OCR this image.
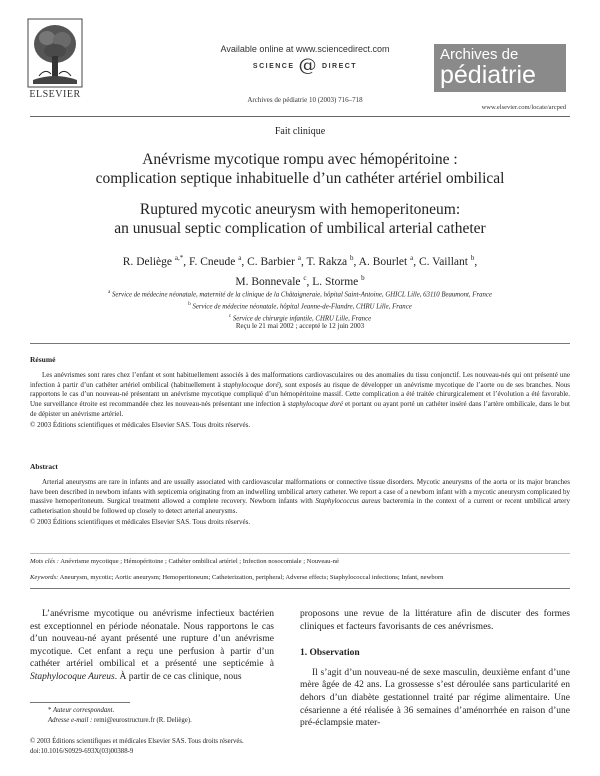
ELSEVIER
Available online at www.sciencedirect.com
SCIENCE @ DIRECT
Archives de pédiatrie 10 (2003) 716–718
Archives de
pédiatrie
www.elsevier.com/locate/arcped
Fait clinique
Anévrisme mycotique rompu avec hémopéritoine :
complication septique inhabituelle d’un cathéter artériel ombilical
Ruptured mycotic aneurysm with hemoperitoneum:
an unusual septic complication of umbilical arterial catheter
R. Deliège $^{a,*}$, F. Cneude $^a$, C. Barbier $^a$, T. Rakza $^b$, A. Bourlet $^a$, C. Vaillant $^b$,
M. Bonnevale $^c$, L. Storme $^b$
$^a$ Service de médecine néonatale, maternité de la clinique de la Châtaigneraie, hôpital Saint-Antoine, GHICL Lille, 63110 Beaumont, France
$^b$ Service de médecine néonatale, hôpital Jeanne-de-Flandre, CHRU Lille, France
$^c$ Service de chirurgie infantile, CHRU Lille, France
Reçu le 21 mai 2002 ; accepté le 12 juin 2003
Résumé

Les anévrismes sont rares chez l’enfant et sont habituellement associés à des malformations cardiovasculaires ou des anomalies du tissu conjonctif. Les nouveau-nés qui ont présenté une infection à partir d’un cathéter artériel ombilical (habituellement à staphylocoque doré), sont exposés au risque de développer un anévrisme mycotique de l’aorte ou de ses branches. Nous rapportons le cas d’un nouveau-né présentant un anévrisme mycotique compliqué d’un hémopéritoine massif. Cette complication a été traitée chirurgicalement et l’évolution a été favorable. Une surveillance étroite est recommandée chez les nouveau-nés présentant une infection à staphylocoque doré et portant ou ayant porté un cathéter inséré dans l’artère ombilicale, dans le but de dépister un anévrisme artériel.

© 2003 Éditions scientifiques et médicales Elsevier SAS. Tous droits réservés.

Abstract

Arterial aneurysms are rare in infants and are usually associated with cardiovascular malformations or connective tissue disorders. Mycotic aneurysms of the aorta or its major branches have been described in newborn infants with septicemia originating from an indwelling umbilical artery catheter. We report a case of a newborn infant with a mycotic aneurysm complicated by massive hemoperitoneum. Surgical treatment allowed a complete recovery. Newborn infants with Staphylococcus aureus bacteremia in the context of a current or recent umbilical artery catheterisation should be followed up closely to detect arterial aneurysms.

© 2003 Éditions scientifiques et médicales Elsevier SAS. Tous droits réservés.

Mots clés : Anévrisme mycotique ; Hémopéritoine ; Cathéter ombilical artériel ; Infection nosocomiale ; Nouveau-né
Keywords: Aneurysm, mycotic; Aortic aneurysm; Hemoperitoneum; Catheterization, peripheral; Adverse effects; Staphylococcal infections; Infant, newborn

L’anévrisme mycotique ou anévrisme infectieux bactérien est exceptionnel en période néonatale. Nous rapportons le cas d’un nouveau-né ayant présenté une rupture d’un anévrisme mycotique. Cet enfant a reçu une perfusion à partir d’un cathéter artériel ombilical et a présenté une septicémie à Staphylocoque Aureus. À partir de ce cas clinique, nous

proposons une revue de la littérature afin de discuter des formes cliniques et facteurs favorisants de ces anévrismes.

1. Observation

Il s’agit d’un nouveau-né de sexe masculin, deuxième enfant d’une mère âgée de 42 ans. La grossesse s’est déroulée sans particularité en dehors d’un diabète gestationnel traité par régime alimentaire. Une césarienne a été réalisée à 36 semaines d’aménorrhée en raison d’une pré-éclampsie mater-

* Auteur correspondant.
Adresse e-mail : remi@eurostructure.fr (R. Deliège).
© 2003 Éditions scientifiques et médicales Elsevier SAS. Tous droits réservés.
doi:10.1016/S0929-693X(03)00388-9
